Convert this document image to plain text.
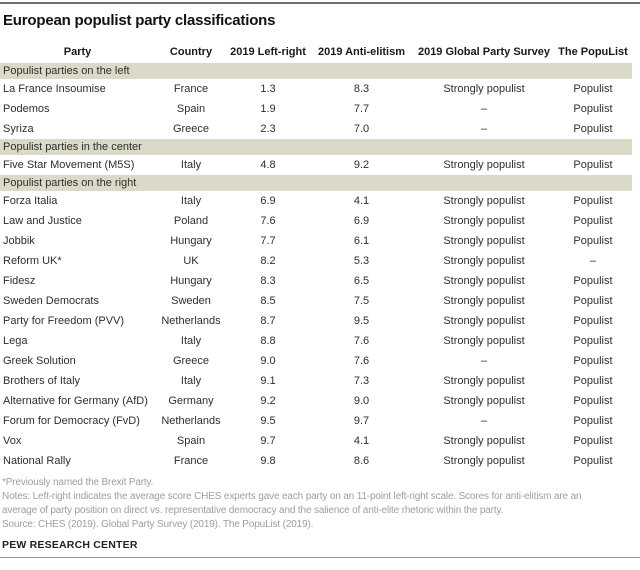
European populist party classifications
Party	Country	2019 Left-right	2019 Anti-elitism	2019 Global Party Survey	The PopuList
Populist parties on the left					
La France Insoumise	France	1.3	8.3	Strongly populist	Populist
Podemos	Spain	1.9	7.7	–	Populist
Syriza	Greece	2.3	7.0	–	Populist
Populist parties in the center					
Five Star Movement (M5S)	Italy	4.8	9.2	Strongly populist	Populist
Populist parties on the right					
Forza Italia	Italy	6.9	4.1	Strongly populist	Populist
Law and Justice	Poland	7.6	6.9	Strongly populist	Populist
Jobbik	Hungary	7.7	6.1	Strongly populist	Populist
Reform UK*	UK	8.2	5.3	Strongly populist	–
Fidesz	Hungary	8.3	6.5	Strongly populist	Populist
Sweden Democrats	Sweden	8.5	7.5	Strongly populist	Populist
Party for Freedom (PVV)	Netherlands	8.7	9.5	Strongly populist	Populist
Lega	Italy	8.8	7.6	Strongly populist	Populist
Greek Solution	Greece	9.0	7.6	–	Populist
Brothers of Italy	Italy	9.1	7.3	Strongly populist	Populist
Alternative for Germany (AfD)	Germany	9.2	9.0	Strongly populist	Populist
Forum for Democracy (FvD)	Netherlands	9.5	9.7	–	Populist
Vox	Spain	9.7	4.1	Strongly populist	Populist
National Rally	France	9.8	8.6	Strongly populist	Populist
*Previously named the Brexit Party.
Notes: Left-right indicates the average score CHES experts gave each party on an 11-point left-right scale. Scores for anti-elitism are an
average of party position on direct vs. representative democracy and the salience of anti-elite rhetoric within the party.
Source: CHES (2019). Global Party Survey (2019). The PopuList (2019).
PEW RESEARCH CENTER
